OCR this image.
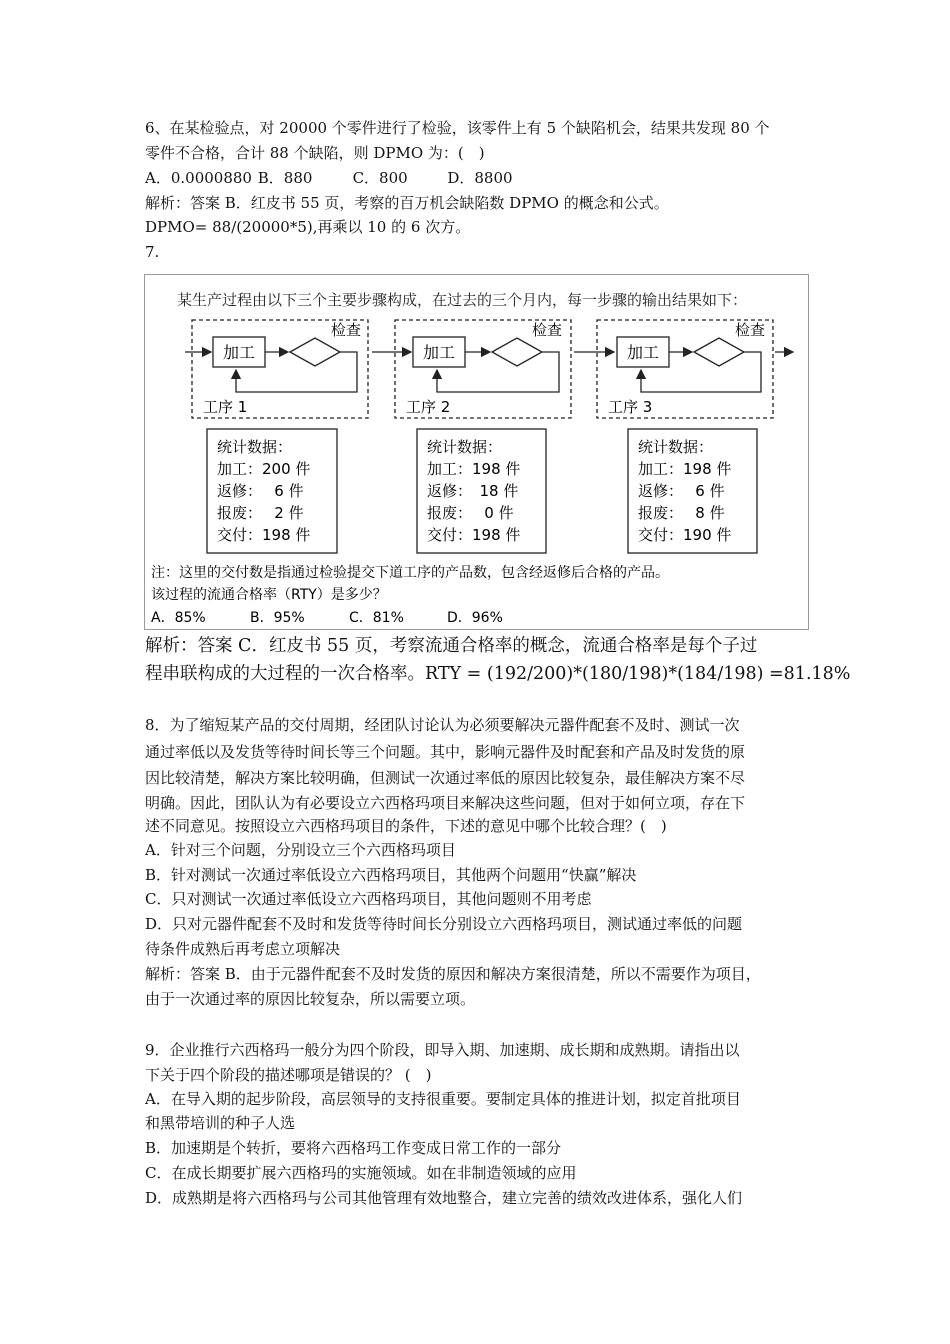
6、在某检验点，对 20000 个零件进行了检验，该零件上有 5 个缺陷机会，结果共发现 80 个
零件不合格，合计 88 个缺陷，则 DPMO 为：(　)
A．0.0000880 B．880	C．800	D．8800
解析：答案 B．红皮书 55 页，考察的百万机会缺陷数 DPMO 的概念和公式。
DPMO= 88/(20000*5),再乘以 10 的 6 次方。
7.
某生产过程由以下三个主要步骤构成，在过去的三个月内，每一步骤的输出结果如下：
加工
检查
工序 1
加工
检查
工序 2
加工
检查
工序 3
统计数据：
加工：200 件
返修：　 6 件
报废：　 2 件
交付：198 件
统计数据：
加工：198 件
返修：　18 件
报废：　 0 件
交付：198 件
统计数据：
加工：198 件
返修：　 6 件
报废：　 8 件
交付：190 件
注：这里的交付数是指通过检验提交下道工序的产品数，包含经返修后合格的产品。
该过程的流通合格率（RTY）是多少？
A．85%	B．95%	C．81%	D．96%
解析：答案 C．红皮书 55 页，考察流通合格率的概念，流通合格率是每个子过
程串联构成的大过程的一次合格率。RTY = (192/200)*(180/198)*(184/198) =81.18%
8．为了缩短某产品的交付周期，经团队讨论认为必须要解决元器件配套不及时、测试一次
通过率低以及发货等待时间长等三个问题。其中，影响元器件及时配套和产品及时发货的原
因比较清楚，解决方案比较明确，但测试一次通过率低的原因比较复杂，最佳解决方案不尽
明确。因此，团队认为有必要设立六西格玛项目来解决这些问题，但对于如何立项，存在下
述不同意见。按照设立六西格玛项目的条件，下述的意见中哪个比较合理？(　)
A．针对三个问题，分别设立三个六西格玛项目
B．针对测试一次通过率低设立六西格玛项目，其他两个问题用“快赢”解决
C．只对测试一次通过率低设立六西格玛项目，其他问题则不用考虑
D．只对元器件配套不及时和发货等待时间长分别设立六西格玛项目，测试通过率低的问题
待条件成熟后再考虑立项解决
解析：答案 B．由于元器件配套不及时发货的原因和解决方案很清楚，所以不需要作为项目，
由于一次通过率的原因比较复杂，所以需要立项。
9．企业推行六西格玛一般分为四个阶段，即导入期、加速期、成长期和成熟期。请指出以
下关于四个阶段的描述哪项是错误的？ (　)
A．在导入期的起步阶段，高层领导的支持很重要。要制定具体的推进计划，拟定首批项目
和黑带培训的种子人选
B．加速期是个转折，要将六西格玛工作变成日常工作的一部分
C．在成长期要扩展六西格玛的实施领域。如在非制造领域的应用
D．成熟期是将六西格玛与公司其他管理有效地整合，建立完善的绩效改进体系，强化人们
